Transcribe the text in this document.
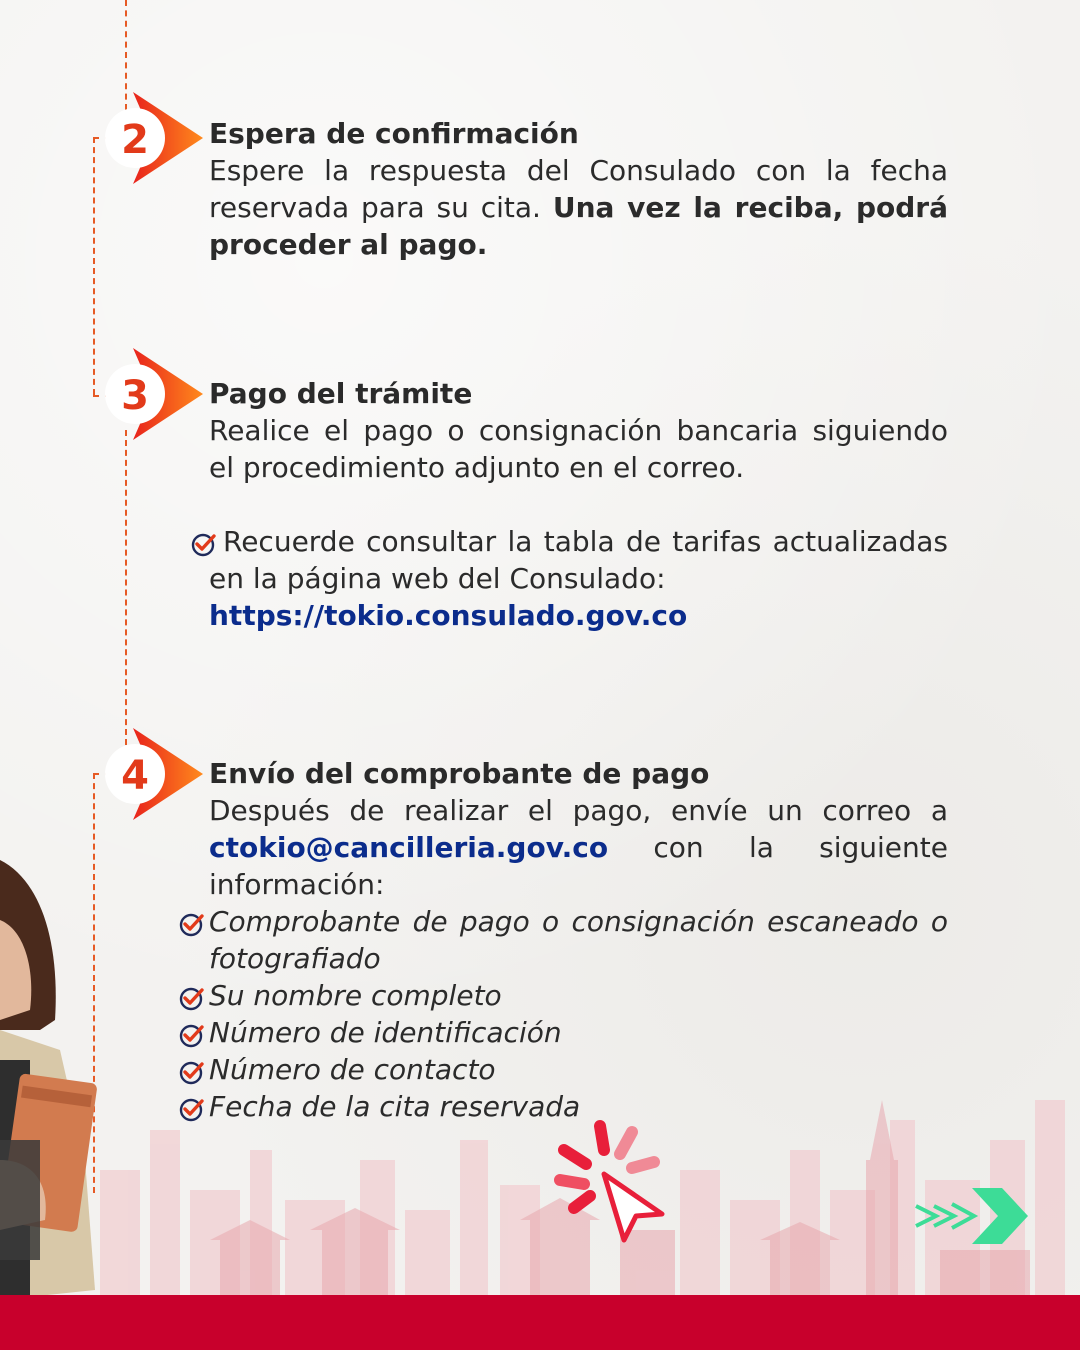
2
3
4
Espera de confirmación
Espere la respuesta del Consulado con la fecha reservada para su cita. Una vez la reciba, podrá proceder al pago.
Pago del trámite
Realice el pago o consignación bancaria siguiendo el procedimiento adjunto en el correo.
Recuerde consultar la tabla de tarifas actualizadas en la página web del Consulado:
https://tokio.consulado.gov.co
Envío del comprobante de pago
Después de realizar el pago, envíe un correo a ctokio@cancilleria.gov.co con la siguiente información:
Comprobante de pago o consignación escaneado o fotografiado
Su nombre completo
Número de identificación
Número de contacto
Fecha de la cita reservada
